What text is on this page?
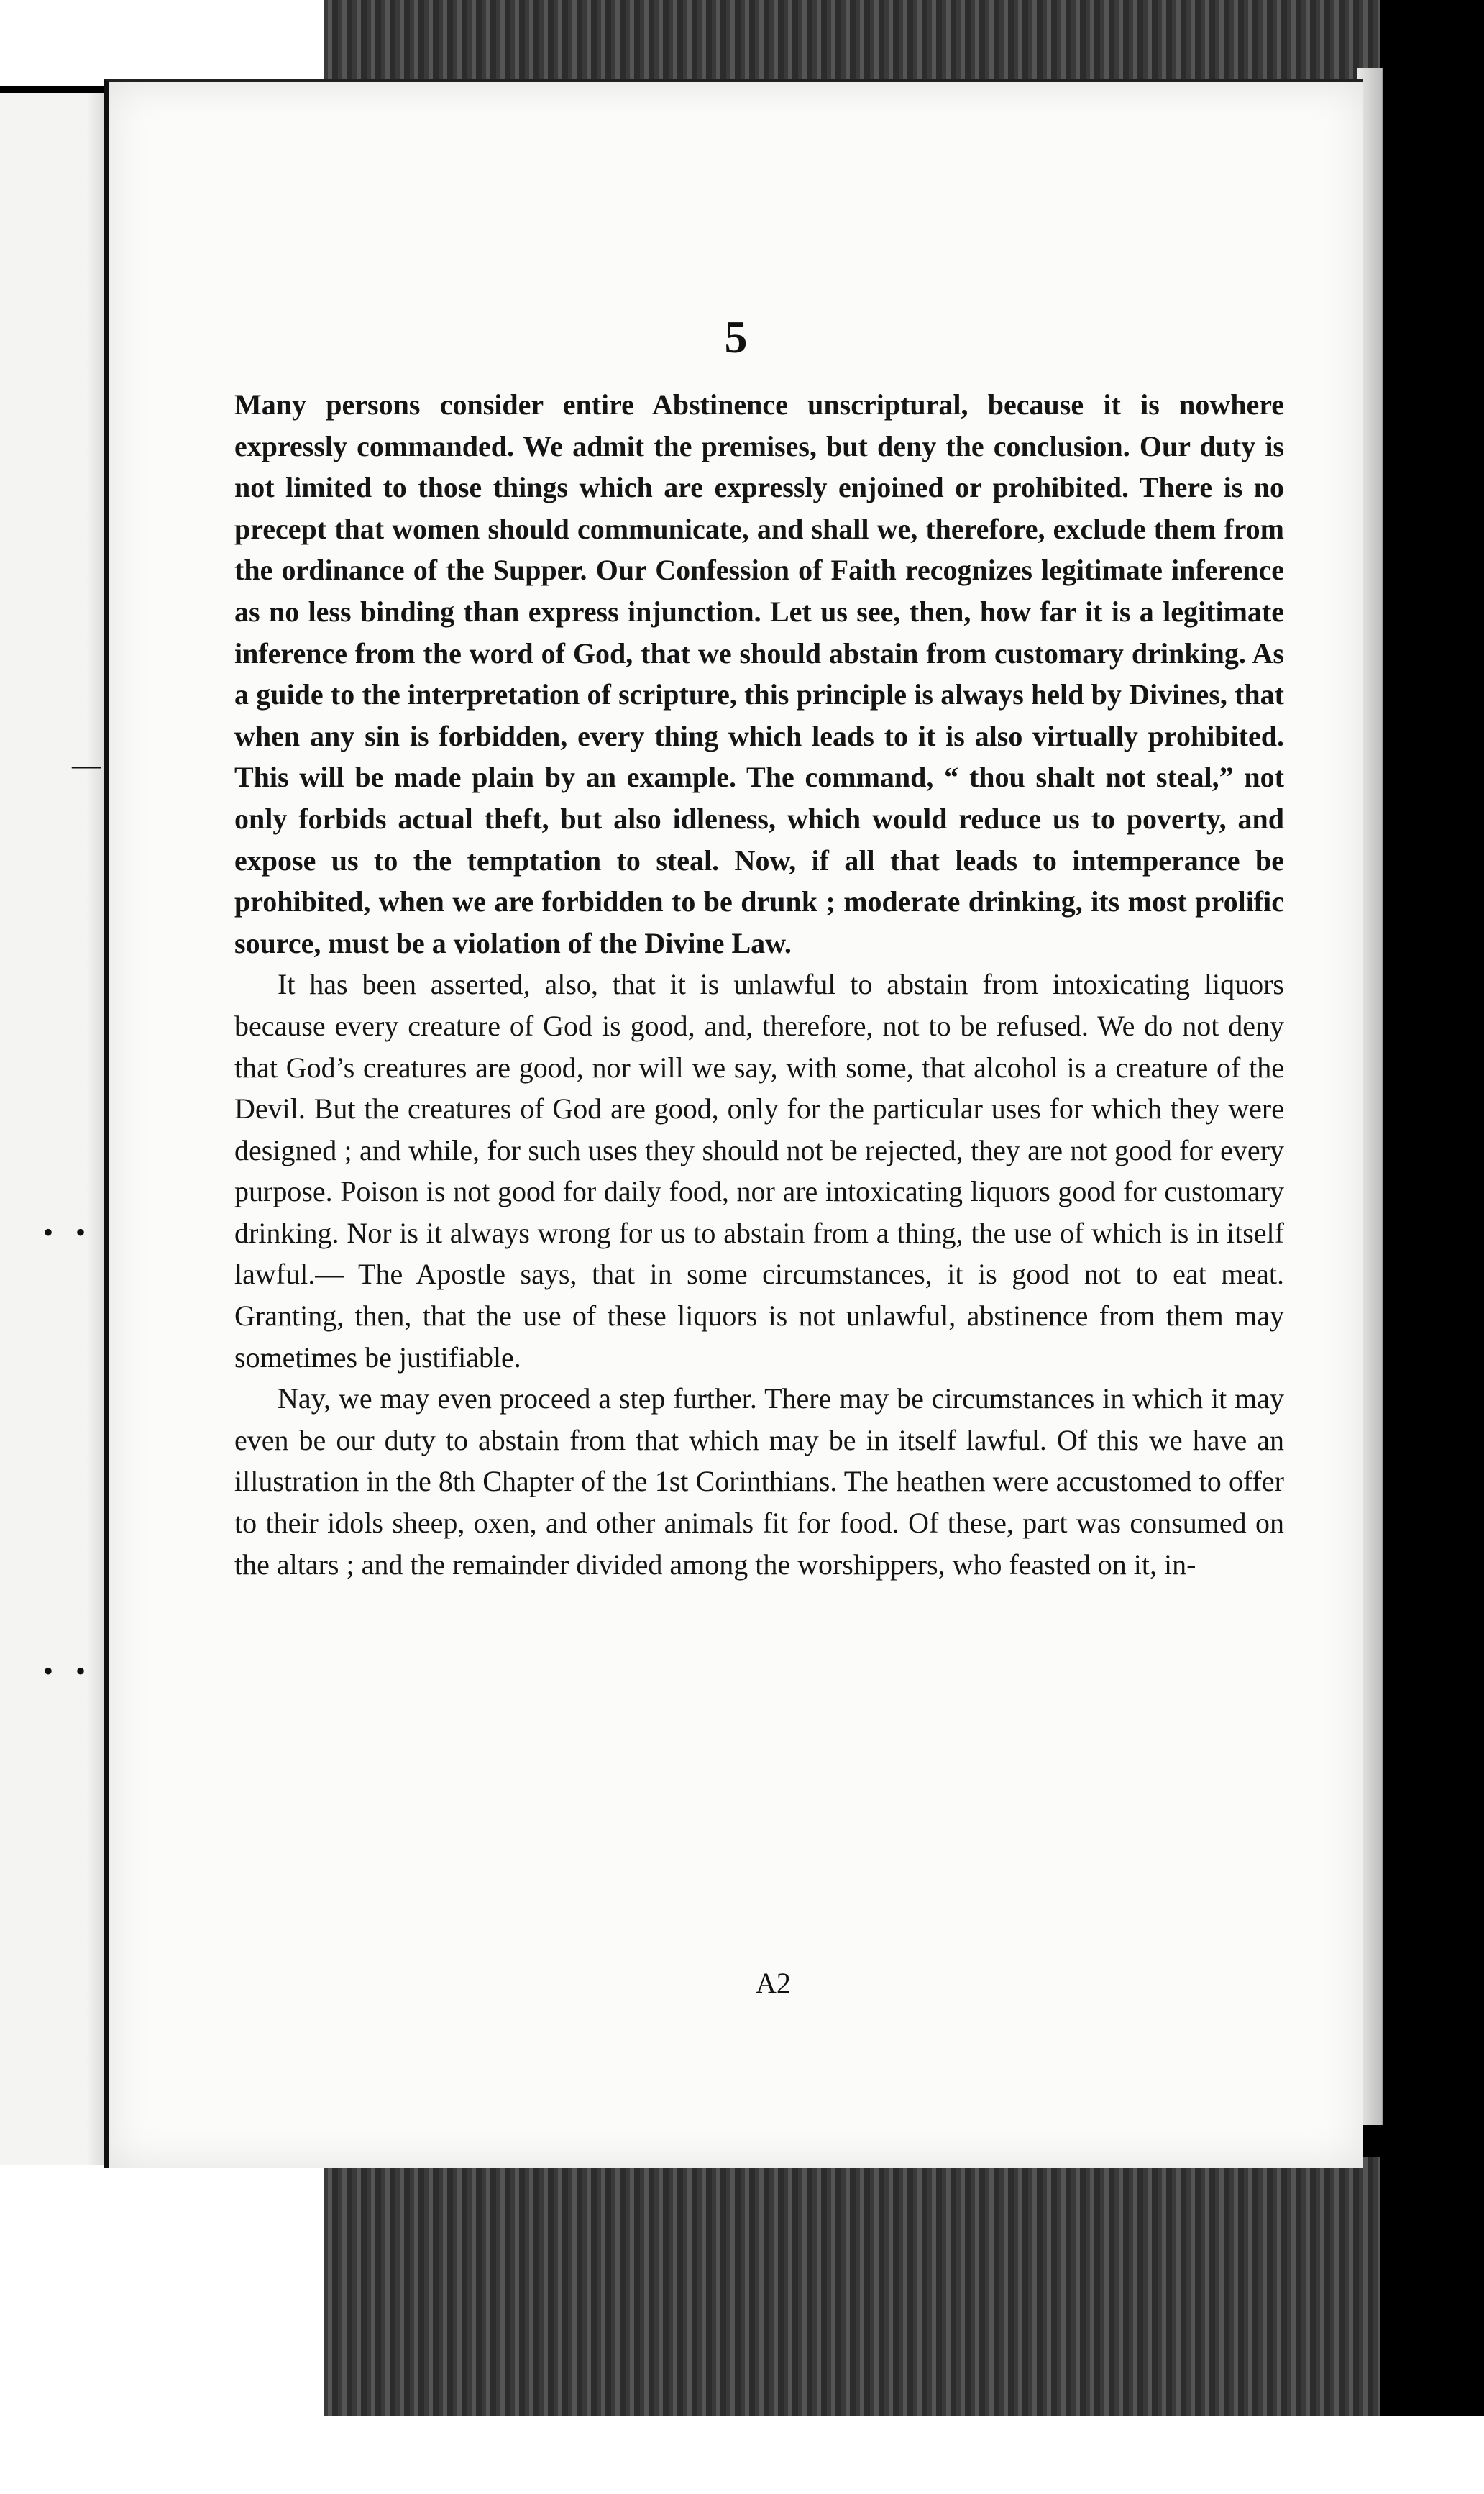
—
• •
• •
5

Many persons consider entire Abstinence unscriptural, because it is nowhere expressly commanded. We admit the premises, but deny the conclusion. Our duty is not limited to those things which are expressly enjoined or prohibited. There is no precept that women should communicate, and shall we, therefore, exclude them from the ordinance of the Supper. Our Confession of Faith recognizes legitimate inference as no less binding than express injunction. Let us see, then, how far it is a legitimate inference from the word of God, that we should abstain from customary drinking. As a guide to the interpretation of scripture, this principle is always held by Divines, that when any sin is forbidden, every thing which leads to it is also virtually prohibited. This will be made plain by an example. The command, “ thou shalt not steal,” not only forbids actual theft, but also idleness, which would reduce us to poverty, and expose us to the temptation to steal. Now, if all that leads to intemperance be prohibited, when we are forbidden to be drunk ; moderate drinking, its most prolific source, must be a violation of the Divine Law.

It has been asserted, also, that it is unlawful to abstain from intoxicating liquors because every creature of God is good, and, therefore, not to be refused. We do not deny that God’s creatures are good, nor will we say, with some, that alcohol is a creature of the Devil. But the creatures of God are good, only for the particular uses for which they were designed ; and while, for such uses they should not be rejected, they are not good for every purpose. Poison is not good for daily food, nor are intoxicating liquors good for customary drinking. Nor is it always wrong for us to abstain from a thing, the use of which is in itself lawful.— The Apostle says, that in some circumstances, it is good not to eat meat. Granting, then, that the use of these liquors is not unlawful, abstinence from them may sometimes be justifiable.

Nay, we may even proceed a step further. There may be circumstances in which it may even be our duty to abstain from that which may be in itself lawful. Of this we have an illustration in the 8th Chapter of the 1st Corinthians. The heathen were accustomed to offer to their idols sheep, oxen, and other animals fit for food. Of these, part was consumed on the altars ; and the remainder divided among the worshippers, who feasted on it, in-

A2
